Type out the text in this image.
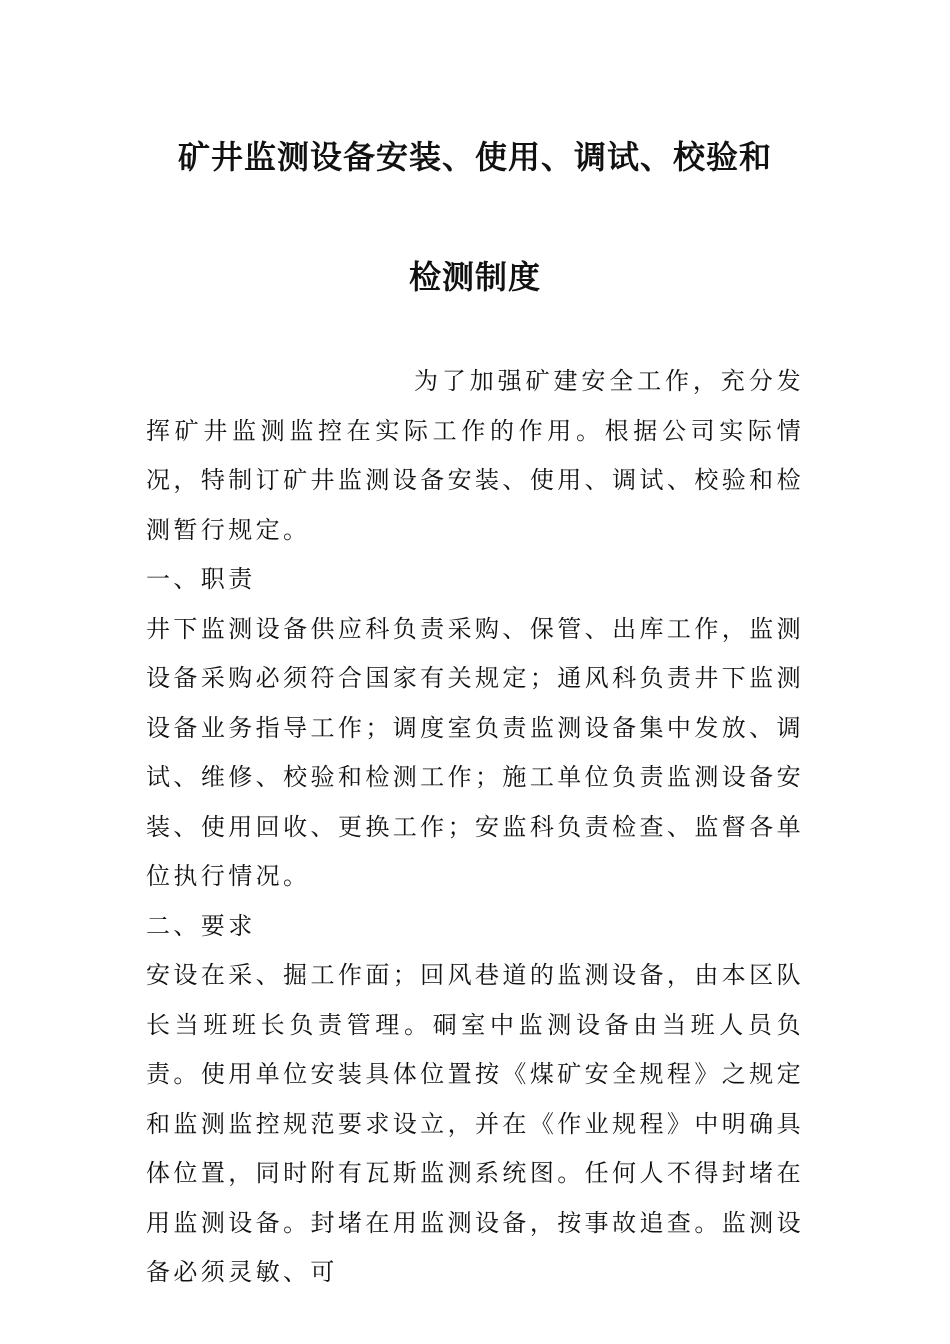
矿井监测设备安装、使用、调试、校验和
检测制度

为了加强矿建安全工作，充分发挥矿井监测监控在实际工作的作用。根据公司实际情况，特制订矿井监测设备安装、使用、调试、校验和检测暂行规定。

一、职责

井下监测设备供应科负责采购、保管、出库工作，监测设备采购必须符合国家有关规定；通风科负责井下监测设备业务指导工作；调度室负责监测设备集中发放、调试、维修、校验和检测工作；施工单位负责监测设备安装、使用回收、更换工作；安监科负责检查、监督各单位执行情况。

二、要求

安设在采、掘工作面；回风巷道的监测设备，由本区队长当班班长负责管理。硐室中监测设备由当班人员负责。使用单位安装具体位置按《煤矿安全规程》之规定和监测监控规范要求设立，并在《作业规程》中明确具体位置，同时附有瓦斯监测系统图。任何人不得封堵在用监测设备。封堵在用监测设备，按事故追查。监测设备必须灵敏、可
